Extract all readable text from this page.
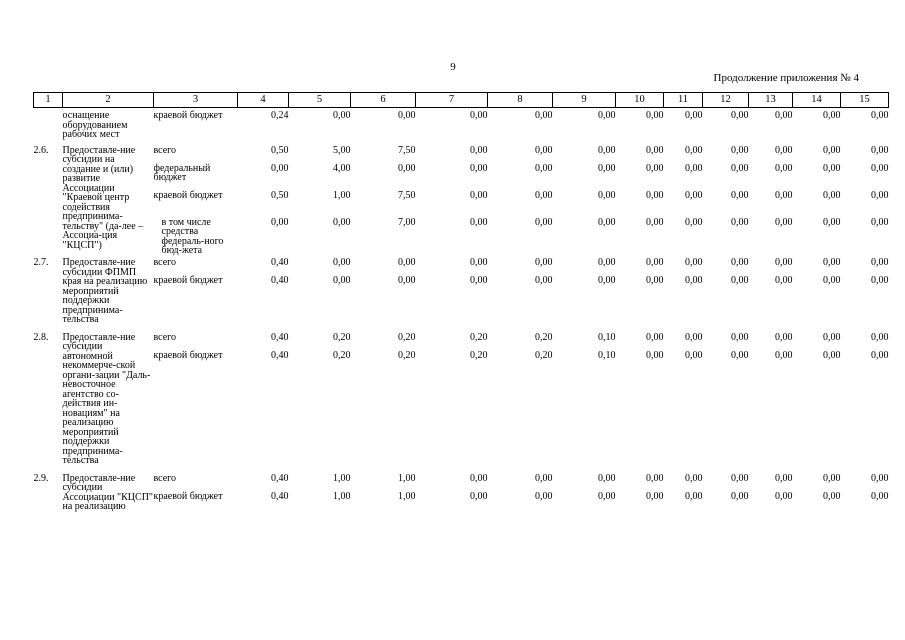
9
Продолжение приложения № 4
1	2	3	4	5	6	7	8	9	10	11	12	13	14	15
	оснащение оборудованием рабочих мест	краевой бюджет	0,24	0,00	0,00	0,00	0,00	0,00	0,00	0,00	0,00	0,00	0,00	0,00
2.6.	Предоставле-ние субсидии на создание и (или) развитие Ассоциации "Краевой центр содействия предпринима-тельству" (да-лее – Ассоциа-ция "КЦСП")	всего	0,50	5,00	7,50	0,00	0,00	0,00	0,00	0,00	0,00	0,00	0,00	0,00
		федеральный бюджет	0,00	4,00	0,00	0,00	0,00	0,00	0,00	0,00	0,00	0,00	0,00	0,00
		краевой бюджет	0,50	1,00	7,50	0,00	0,00	0,00	0,00	0,00	0,00	0,00	0,00	0,00
		в том числе средства федераль-ного бюд-жета	0,00	0,00	7,00	0,00	0,00	0,00	0,00	0,00	0,00	0,00	0,00	0,00
2.7.	Предоставле-ние субсидии ФПМП края на реализацию мероприятий поддержки предпринима-тельства	всего	0,40	0,00	0,00	0,00	0,00	0,00	0,00	0,00	0,00	0,00	0,00	0,00
		краевой бюджет	0,40	0,00	0,00	0,00	0,00	0,00	0,00	0,00	0,00	0,00	0,00	0,00
2.8.	Предоставле-ние субсидии автономной некоммерче-ской органи-зации "Даль-невосточное агентство со-действия ин-новациям" на реализацию мероприятий поддержки предпринима-тельства	всего	0,40	0,20	0,20	0,20	0,20	0,10	0,00	0,00	0,00	0,00	0,00	0,00
		краевой бюджет	0,40	0,20	0,20	0,20	0,20	0,10	0,00	0,00	0,00	0,00	0,00	0,00
2.9.	Предоставле-ние субсидии Ассоциации "КЦСП" на реализацию	всего	0,40	1,00	1,00	0,00	0,00	0,00	0,00	0,00	0,00	0,00	0,00	0,00
		краевой бюджет	0,40	1,00	1,00	0,00	0,00	0,00	0,00	0,00	0,00	0,00	0,00	0,00
